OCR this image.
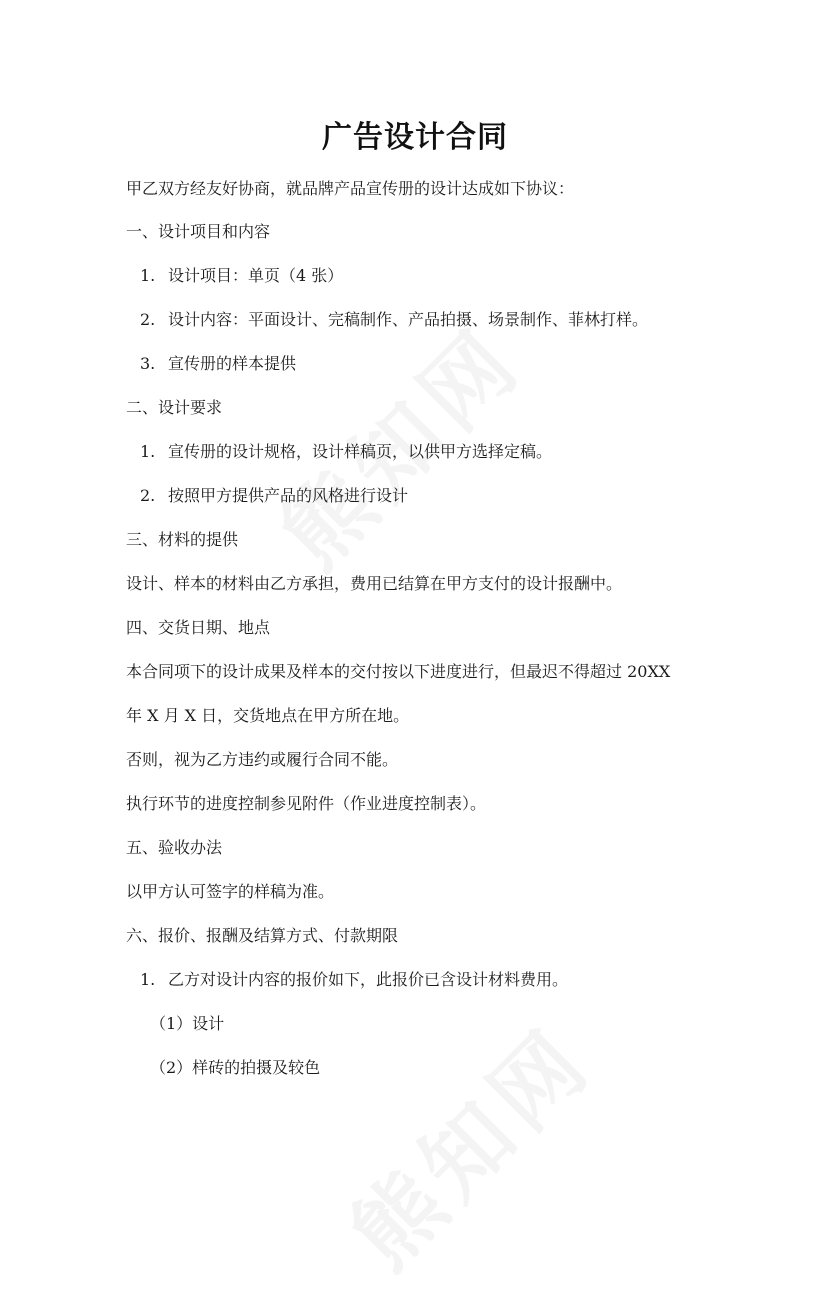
广告设计合同
甲乙双方经友好协商，就品牌产品宣传册的设计达成如下协议：
一、设计项目和内容
1. 设计项目：单页（4 张）
2. 设计内容：平面设计、完稿制作、产品拍摄、场景制作、菲林打样。
3. 宣传册的样本提供
二、设计要求
1. 宣传册的设计规格，设计样稿页，以供甲方选择定稿。
2. 按照甲方提供产品的风格进行设计
三、材料的提供
设计、样本的材料由乙方承担，费用已结算在甲方支付的设计报酬中。
四、交货日期、地点
本合同项下的设计成果及样本的交付按以下进度进行，但最迟不得超过 20XX
年 X 月 X 日，交货地点在甲方所在地。
否则，视为乙方违约或履行合同不能。
执行环节的进度控制参见附件（作业进度控制表）。
五、验收办法
以甲方认可签字的样稿为准。
六、报价、报酬及结算方式、付款期限
1. 乙方对设计内容的报价如下，此报价已含设计材料费用。
（1）设计
（2）样砖的拍摄及较色
